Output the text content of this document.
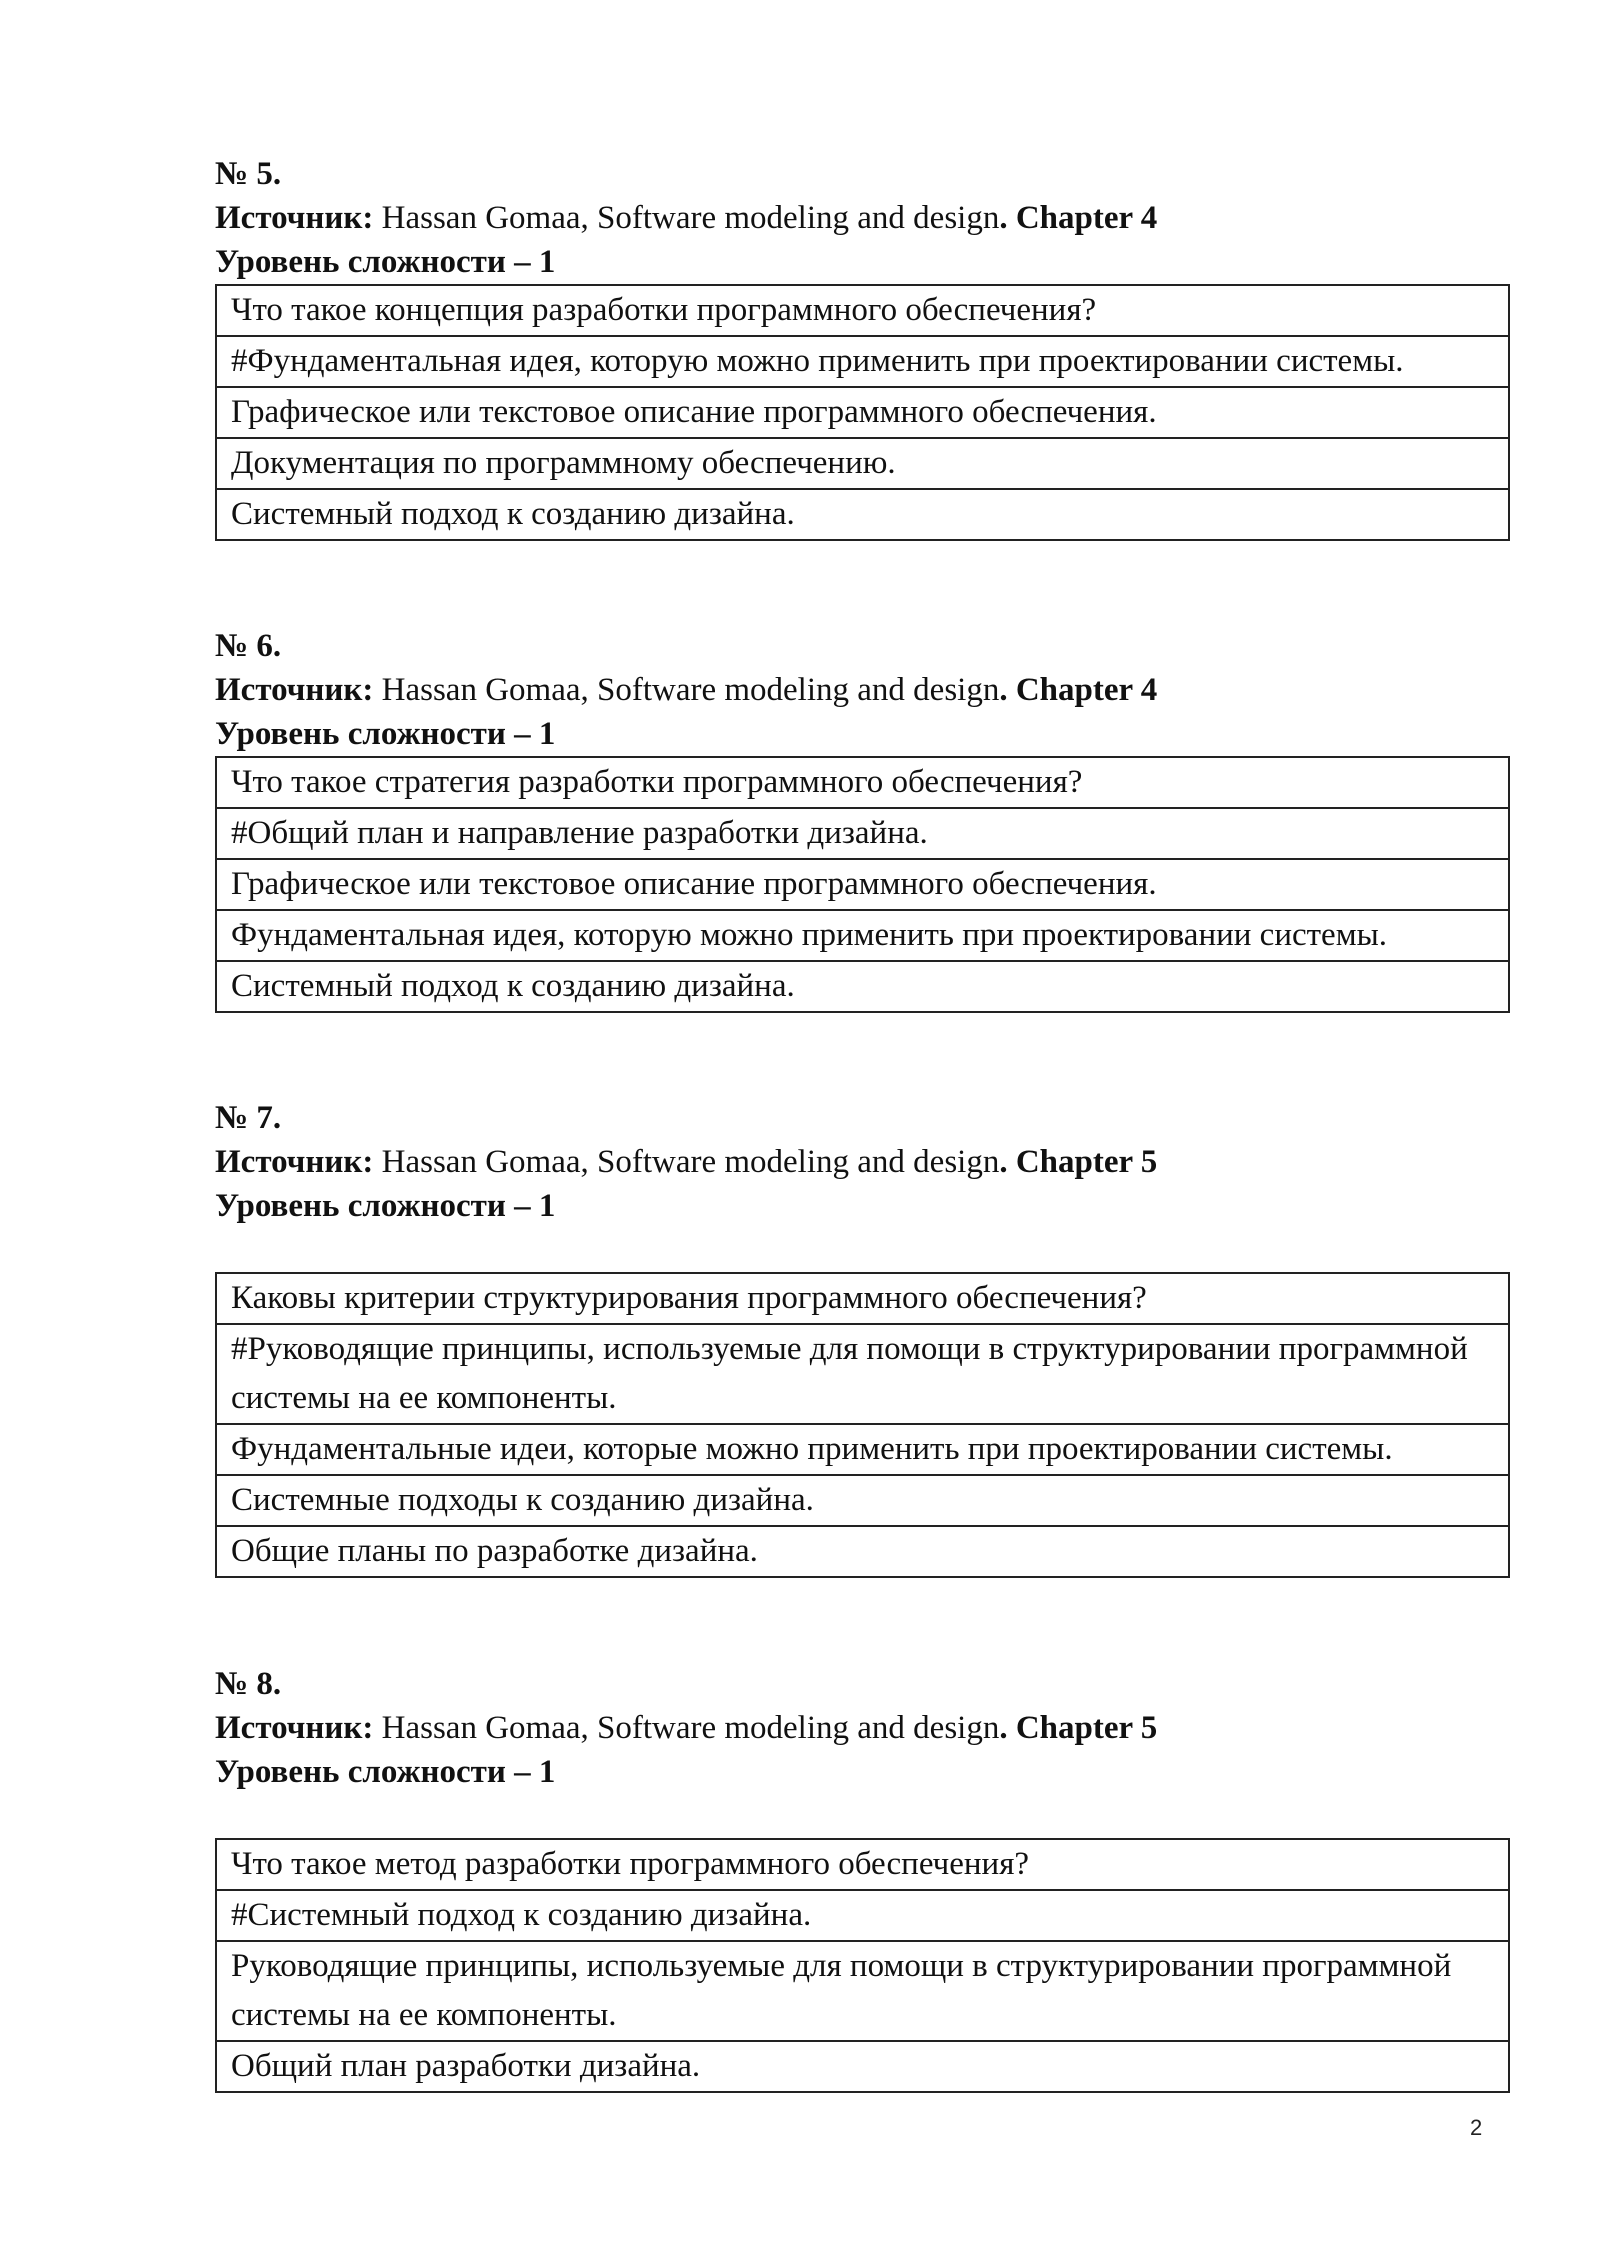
№ 5.
Источник: Hassan Gomaa, Software modeling and design. Chapter 4
Уровень сложности – 1
Что такое концепция разработки программного обеспечения?
#Фундаментальная идея, которую можно применить при проектировании системы.
Графическое или текстовое описание программного обеспечения.
Документация по программному обеспечению.
Системный подход к созданию дизайна.
№ 6.
Источник: Hassan Gomaa, Software modeling and design. Chapter 4
Уровень сложности – 1
Что такое стратегия разработки программного обеспечения?
#Общий план и направление разработки дизайна.
Графическое или текстовое описание программного обеспечения.
Фундаментальная идея, которую можно применить при проектировании системы.
Системный подход к созданию дизайна.
№ 7.
Источник: Hassan Gomaa, Software modeling and design. Chapter 5
Уровень сложности – 1
Каковы критерии структурирования программного обеспечения?
#Руководящие принципы, используемые для помощи в структурировании программной системы на ее компоненты.
Фундаментальные идеи, которые можно применить при проектировании системы.
Системные подходы к созданию дизайна.
Общие планы по разработке дизайна.
№ 8.
Источник: Hassan Gomaa, Software modeling and design. Chapter 5
Уровень сложности – 1
Что такое метод разработки программного обеспечения?
#Системный подход к созданию дизайна.
Руководящие принципы, используемые для помощи в структурировании программной системы на ее компоненты.
Общий план разработки дизайна.
2
